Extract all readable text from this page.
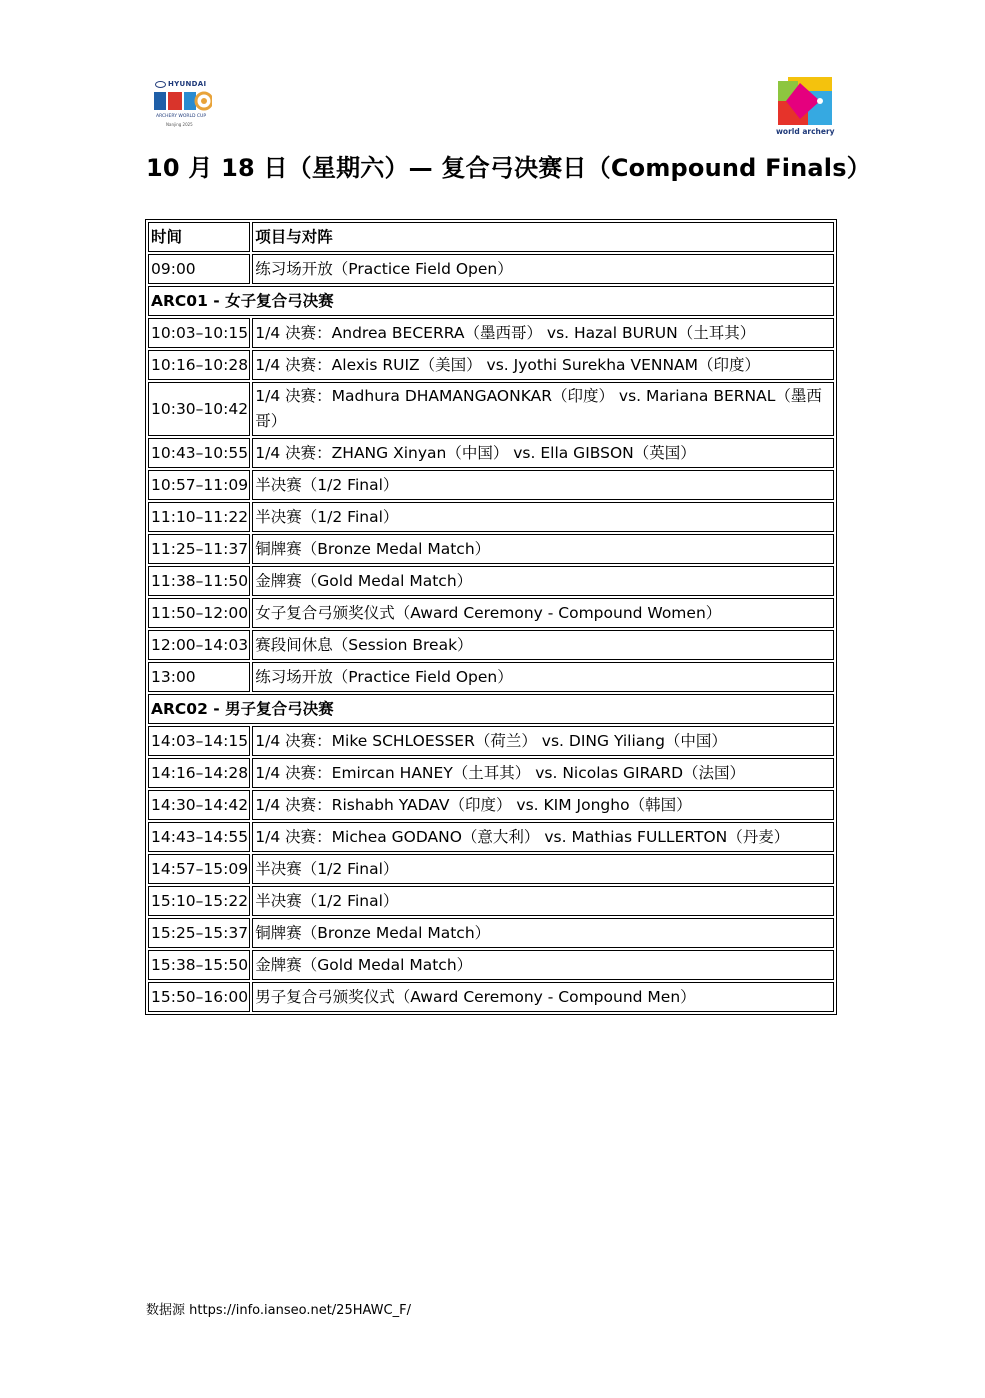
HYUNDAI
ARCHERY WORLD CUP
Nanjing 2025
world archery
10 月 18 日（星期六）— 复合弓决赛日（Compound Finals）
时间	项目与对阵
09:00	练习场开放（Practice Field Open）
ARC01 - 女子复合弓决赛	
10:03–10:15	1/4 决赛：Andrea BECERRA（墨西哥） vs. Hazal BURUN（土耳其）
10:16–10:28	1/4 决赛：Alexis RUIZ（美国） vs. Jyothi Surekha VENNAM（印度）
10:30–10:42	1/4 决赛：Madhura DHAMANGAONKAR（印度） vs. Mariana BERNAL（墨西哥）
10:43–10:55	1/4 决赛：ZHANG Xinyan（中国） vs. Ella GIBSON（英国）
10:57–11:09	半决赛（1/2 Final）
11:10–11:22	半决赛（1/2 Final）
11:25–11:37	铜牌赛（Bronze Medal Match）
11:38–11:50	金牌赛（Gold Medal Match）
11:50–12:00	女子复合弓颁奖仪式（Award Ceremony - Compound Women）
12:00–14:03	赛段间休息（Session Break）
13:00	练习场开放（Practice Field Open）
ARC02 - 男子复合弓决赛	
14:03–14:15	1/4 决赛：Mike SCHLOESSER（荷兰） vs. DING Yiliang（中国）
14:16–14:28	1/4 决赛：Emircan HANEY（土耳其） vs. Nicolas GIRARD（法国）
14:30–14:42	1/4 决赛：Rishabh YADAV（印度） vs. KIM Jongho（韩国）
14:43–14:55	1/4 决赛：Michea GODANO（意大利） vs. Mathias FULLERTON（丹麦）
14:57–15:09	半决赛（1/2 Final）
15:10–15:22	半决赛（1/2 Final）
15:25–15:37	铜牌赛（Bronze Medal Match）
15:38–15:50	金牌赛（Gold Medal Match）
15:50–16:00	男子复合弓颁奖仪式（Award Ceremony - Compound Men）

数据源 https://info.ianseo.net/25HAWC_F/
